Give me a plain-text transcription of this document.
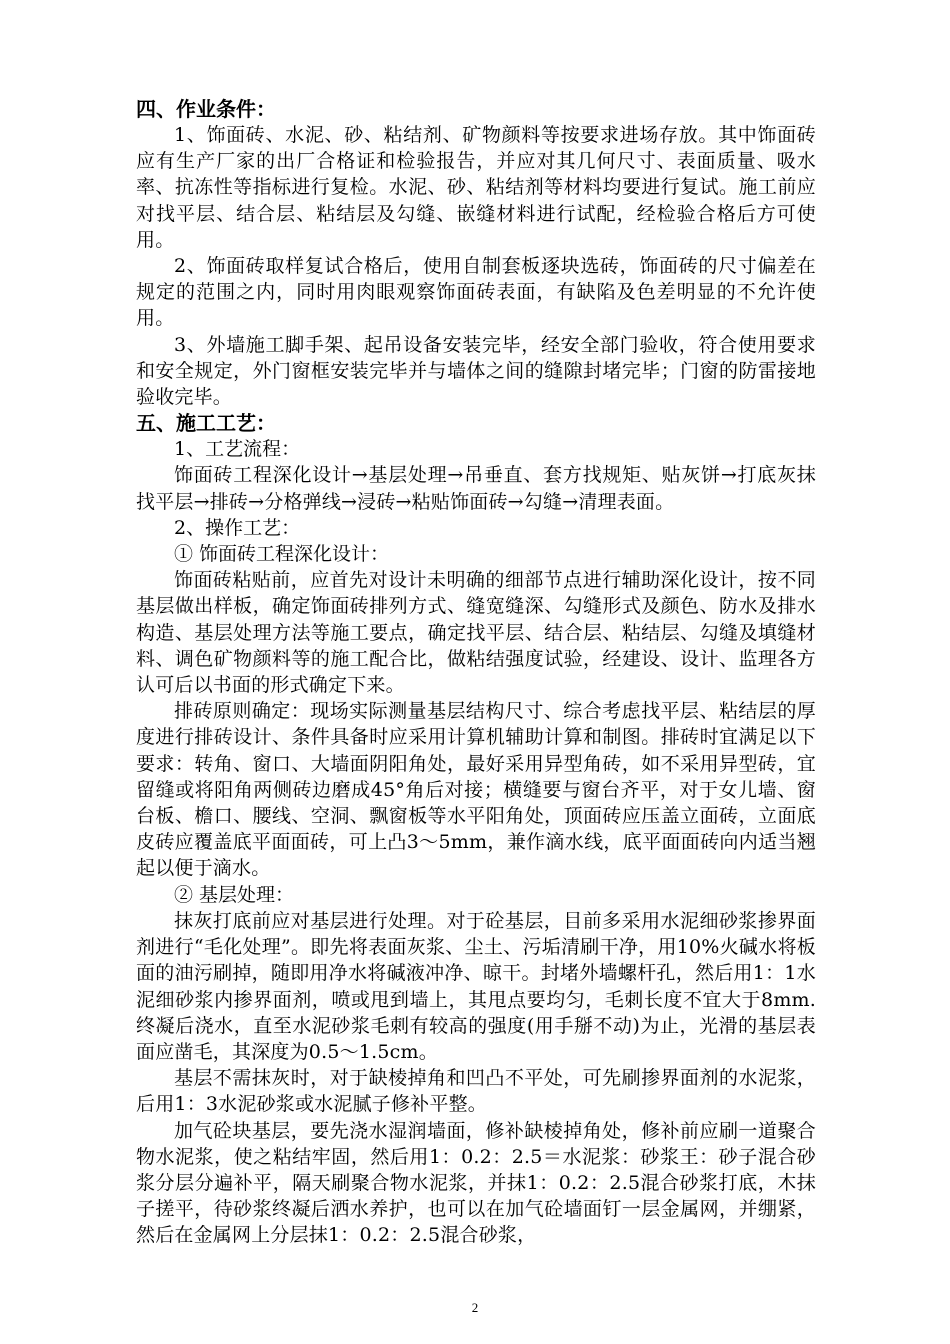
四、作业条件：

1、饰面砖、水泥、砂、粘结剂、矿物颜料等按要求进场存放。其中饰面砖应有生产厂家的出厂合格证和检验报告，并应对其几何尺寸、表面质量、吸水率、抗冻性等指标进行复检。水泥、砂、粘结剂等材料均要进行复试。施工前应对找平层、结合层、粘结层及勾缝、嵌缝材料进行试配，经检验合格后方可使用。

2、饰面砖取样复试合格后，使用自制套板逐块选砖，饰面砖的尺寸偏差在规定的范围之内，同时用肉眼观察饰面砖表面，有缺陷及色差明显的不允许使用。

3、外墙施工脚手架、起吊设备安装完毕，经安全部门验收，符合使用要求和安全规定，外门窗框安装完毕并与墙体之间的缝隙封堵完毕；门窗的防雷接地验收完毕。

五、施工工艺：

1、工艺流程：

饰面砖工程深化设计→基层处理→吊垂直、套方找规矩、贴灰饼→打底灰抹找平层→排砖→分格弹线→浸砖→粘贴饰面砖→勾缝→清理表面。

2、操作工艺：

① 饰面砖工程深化设计：

饰面砖粘贴前，应首先对设计未明确的细部节点进行辅助深化设计，按不同基层做出样板，确定饰面砖排列方式、缝宽缝深、勾缝形式及颜色、防水及排水构造、基层处理方法等施工要点，确定找平层、结合层、粘结层、勾缝及填缝材料、调色矿物颜料等的施工配合比，做粘结强度试验，经建设、设计、监理各方认可后以书面的形式确定下来。

排砖原则确定：现场实际测量基层结构尺寸、综合考虑找平层、粘结层的厚度进行排砖设计、条件具备时应采用计算机辅助计算和制图。排砖时宜满足以下要求：转角、窗口、大墙面阴阳角处，最好采用异型角砖，如不采用异型砖，宜留缝或将阳角两侧砖边磨成45°角后对接；横缝要与窗台齐平，对于女儿墙、窗台板、檐口、腰线、空洞、飘窗板等水平阳角处，顶面砖应压盖立面砖，立面底皮砖应覆盖底平面面砖，可上凸3～5mm，兼作滴水线，底平面面砖向内适当翘起以便于滴水。

② 基层处理：

抹灰打底前应对基层进行处理。对于砼基层，目前多采用水泥细砂浆掺界面剂进行“毛化处理”。即先将表面灰浆、尘土、污垢清刷干净，用10%火碱水将板面的油污刷掉，随即用净水将碱液冲净、晾干。封堵外墙螺杆孔，然后用1：1水泥细砂浆内掺界面剂，喷或甩到墙上，其甩点要均匀，毛刺长度不宜大于8mm.终凝后浇水，直至水泥砂浆毛刺有较高的强度(用手掰不动)为止，光滑的基层表面应凿毛，其深度为0.5～1.5cm。

基层不需抹灰时，对于缺棱掉角和凹凸不平处，可先刷掺界面剂的水泥浆，后用1：3水泥砂浆或水泥腻子修补平整。

加气砼块基层，要先浇水湿润墙面，修补缺棱掉角处，修补前应刷一道聚合物水泥浆，使之粘结牢固，然后用1：0.2：2.5＝水泥浆：砂浆王：砂子混合砂浆分层分遍补平，隔天刷聚合物水泥浆，并抹1：0.2：2.5混合砂浆打底，木抹子搓平，待砂浆终凝后洒水养护，也可以在加气砼墙面钉一层金属网，并绷紧，然后在金属网上分层抹1：0.2：2.5混合砂浆，

2
